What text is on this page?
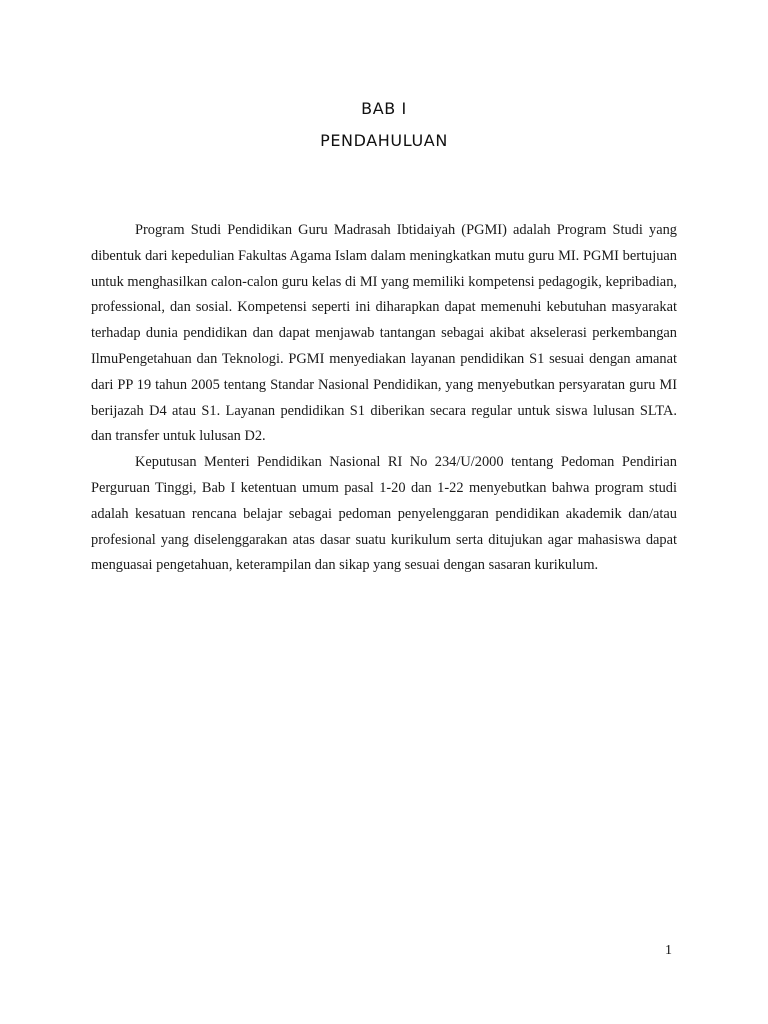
BAB I
PENDAHULUAN

Program Studi Pendidikan Guru Madrasah Ibtidaiyah (PGMI) adalah Program Studi yang dibentuk dari kepedulian Fakultas Agama Islam dalam meningkatkan mutu guru MI. PGMI bertujuan untuk menghasilkan calon-calon guru kelas di MI yang memiliki kompetensi pedagogik, kepribadian, professional, dan sosial. Kompetensi seperti ini diharapkan dapat memenuhi kebutuhan masyarakat terhadap dunia pendidikan dan dapat menjawab tantangan sebagai akibat akselerasi perkembangan IlmuPengetahuan dan Teknologi. PGMI menyediakan layanan pendidikan S1 sesuai dengan amanat dari PP 19 tahun 2005 tentang Standar Nasional Pendidikan, yang menyebutkan persyaratan guru MI berijazah D4 atau S1. Layanan pendidikan S1 diberikan secara regular untuk siswa lulusan SLTA. dan transfer untuk lulusan D2.

Keputusan Menteri Pendidikan Nasional RI No 234/U/2000 tentang Pedoman Pendirian Perguruan Tinggi, Bab I ketentuan umum pasal 1-20 dan 1-22 menyebutkan bahwa program studi adalah kesatuan rencana belajar sebagai pedoman penyelenggaran pendidikan akademik dan/atau profesional yang diselenggarakan atas dasar suatu kurikulum serta ditujukan agar mahasiswa dapat menguasai pengetahuan, keterampilan dan sikap yang sesuai dengan sasaran kurikulum.

1
